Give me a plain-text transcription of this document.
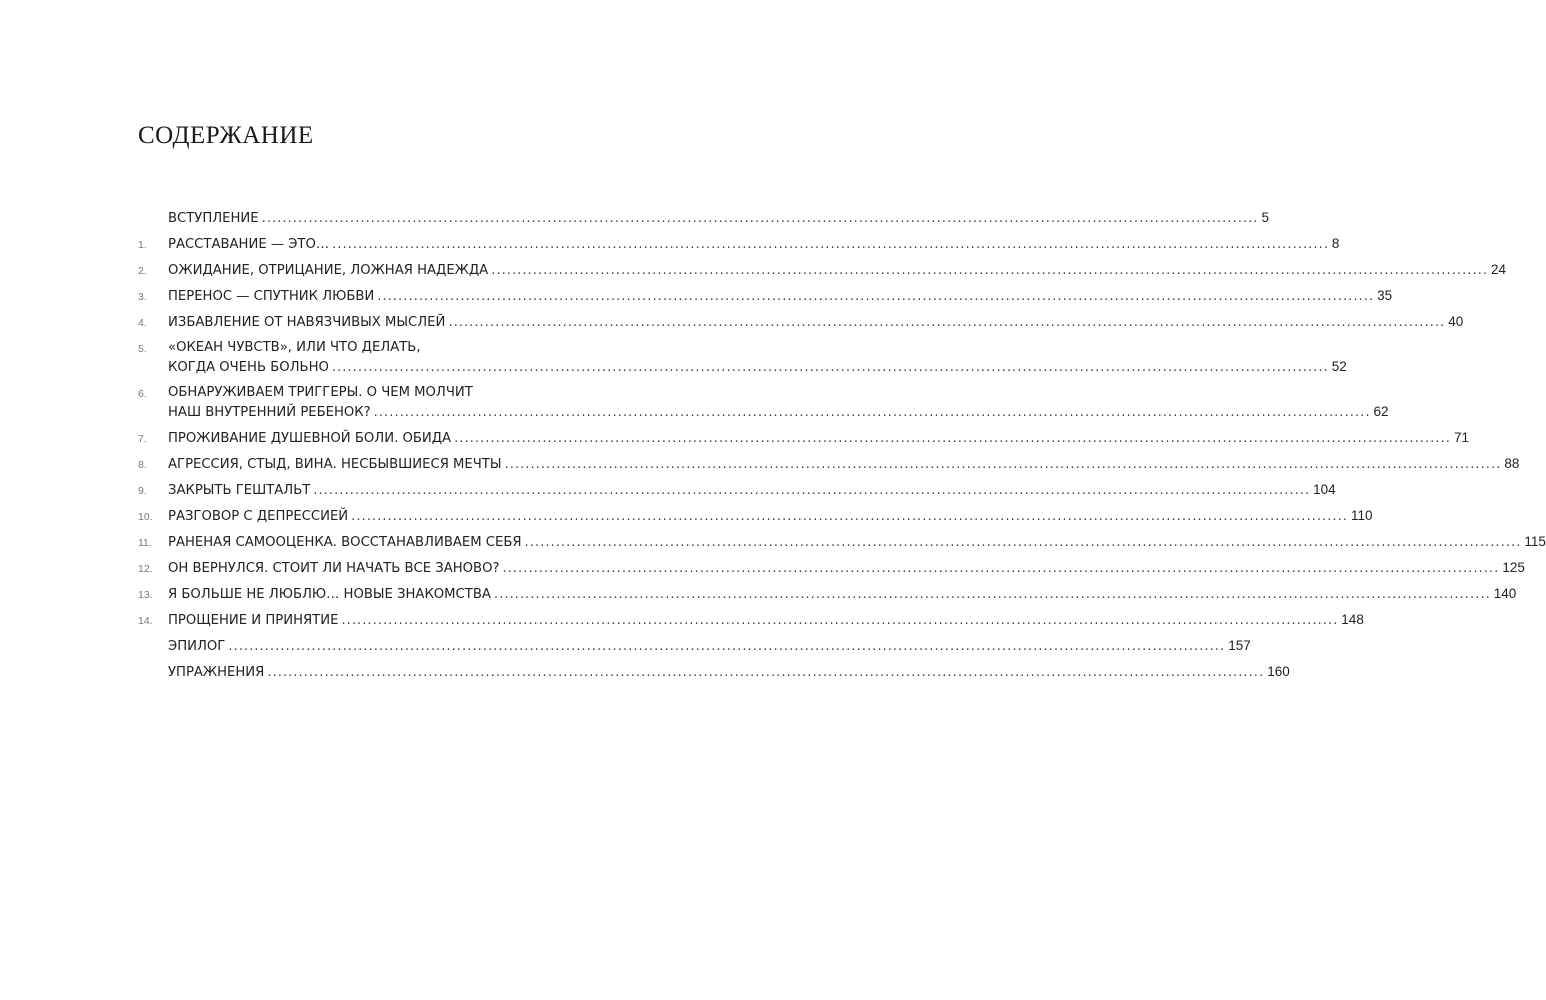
СОДЕРЖАНИЕ
ВСТУПЛЕНИЕ .....	5
1.	РАССТАВАНИЕ — ЭТО… .....	8
2.	ОЖИДАНИЕ, ОТРИЦАНИЕ, ЛОЖНАЯ НАДЕЖДА .....	24
3.	ПЕРЕНОС — СПУТНИК ЛЮБВИ .....	35
4.	ИЗБАВЛЕНИЕ ОТ НАВЯЗЧИВЫХ МЫСЛЕЙ .....	40
5.	«ОКЕАН ЧУВСТВ», ИЛИ ЧТО ДЕЛАТЬ,
КОГДА ОЧЕНЬ БОЛЬНО .....	52
6.	ОБНАРУЖИВАЕМ ТРИГГЕРЫ. О ЧЕМ МОЛЧИТ
НАШ ВНУТРЕННИЙ РЕБЕНОК? .....	62
7.	ПРОЖИВАНИЕ ДУШЕВНОЙ БОЛИ. ОБИДА .....	71
8.	АГРЕССИЯ, СТЫД, ВИНА. НЕСБЫВШИЕСЯ МЕЧТЫ .....	88
9.	ЗАКРЫТЬ ГЕШТАЛЬТ .....	104
10.	РАЗГОВОР С ДЕПРЕССИЕЙ .....	110
11.	РАНЕНАЯ САМООЦЕНКА. ВОССТАНАВЛИВАЕМ СЕБЯ .....	115
12.	ОН ВЕРНУЛСЯ. СТОИТ ЛИ НАЧАТЬ ВСЕ ЗАНОВО? .....	125
13.	Я БОЛЬШЕ НЕ ЛЮБЛЮ… НОВЫЕ ЗНАКОМСТВА .....	140
14.	ПРОЩЕНИЕ И ПРИНЯТИЕ .....	148
ЭПИЛОГ .....	157
УПРАЖНЕНИЯ .....	160
